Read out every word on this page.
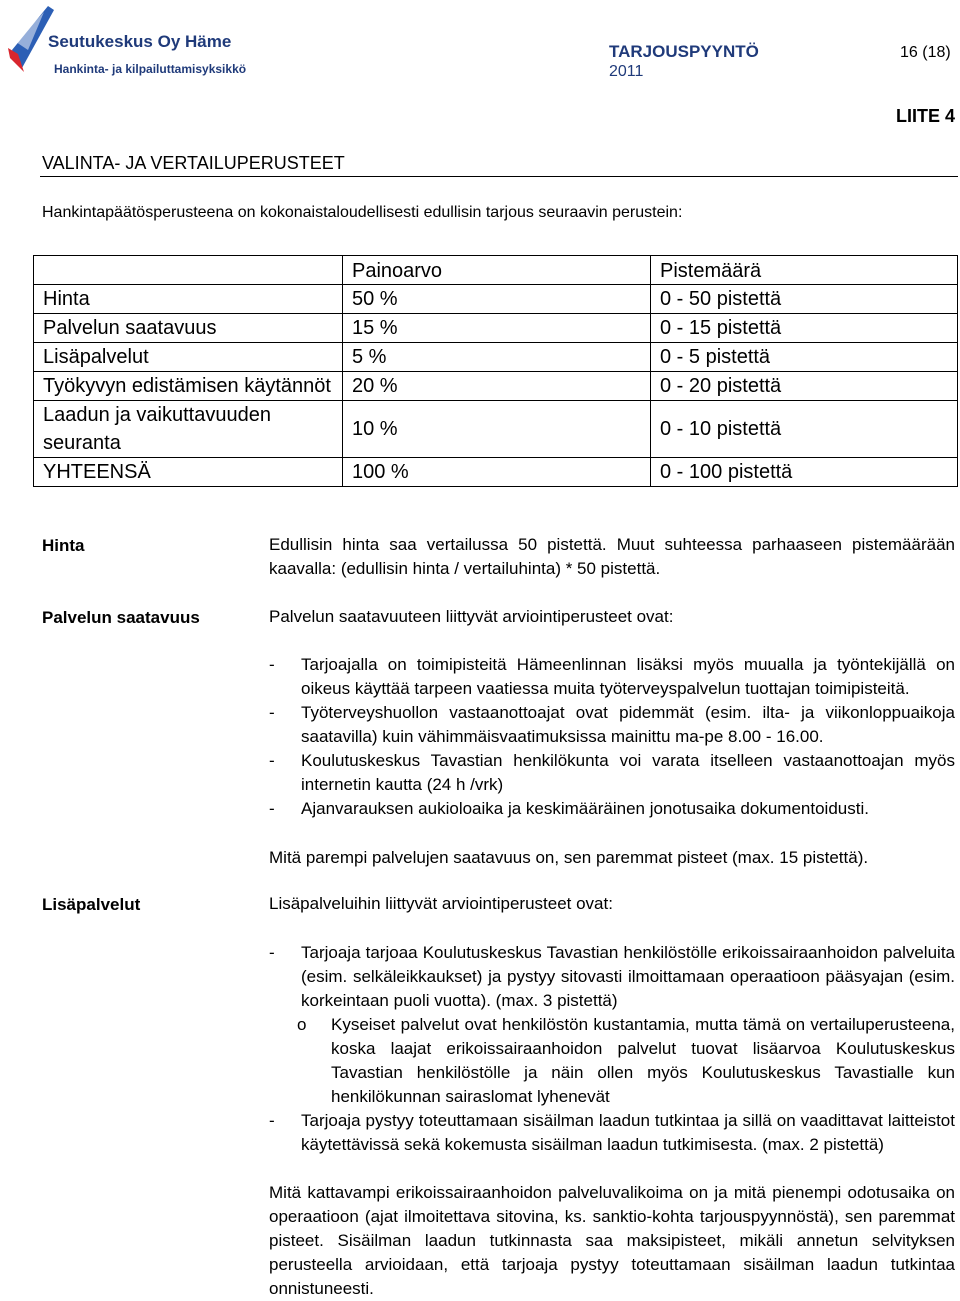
Seutukeskus Oy Häme
Hankinta- ja kilpailuttamisyksikkö
TARJOUSPYYNTÖ
2011
16 (18)
LIITE 4
VALINTA- JA VERTAILUPERUSTEET
Hankintapäätösperusteena on kokonaistaloudellisesti edullisin tarjous seuraavin perustein:
	Painoarvo	Pistemäärä
Hinta	50 %	0 - 50 pistettä
Palvelun saatavuus	15 %	0 - 15 pistettä
Lisäpalvelut	5 %	0 - 5 pistettä
Työkyvyn edistämisen käytännöt	20 %	0 - 20 pistettä
Laadun ja vaikuttavuuden seuranta	10 %	0 - 10 pistettä
YHTEENSÄ	100 %	0 - 100 pistettä
Hinta	Edullisin hinta saa vertailussa 50 pistettä. Muut suhteessa parhaaseen pistemäärään kaavalla: (edullisin hinta / vertailuhinta) * 50 pistettä.
Palvelun saatavuus	Palvelun saatavuuteen liittyvät arviointiperusteet ovat:
- Tarjoajalla on toimipisteitä Hämeenlinnan lisäksi myös muualla ja työntekijällä on oikeus käyttää tarpeen vaatiessa muita työterveyspalvelun tuottajan toimipisteitä.
- Työterveyshuollon vastaanottoajat ovat pidemmät (esim. ilta- ja viikonloppuaikoja saatavilla) kuin vähimmäisvaatimuksissa mainittu ma-pe 8.00 - 16.00.
- Koulutuskeskus Tavastian henkilökunta voi varata itselleen vastaanottoajan myös internetin kautta (24 h /vrk)
- Ajanvarauksen aukioloaika ja keskimääräinen jonotusaika dokumentoidusti.
Mitä parempi palvelujen saatavuus on, sen paremmat pisteet (max. 15 pistettä).
Lisäpalvelut	Lisäpalveluihin liittyvät arviointiperusteet ovat:
- Tarjoaja tarjoaa Koulutuskeskus Tavastian henkilöstölle erikoissairaanhoidon palveluita (esim. selkäleikkaukset) ja pystyy sitovasti ilmoittamaan operaatioon pääsyajan (esim. korkeintaan puoli vuotta). (max. 3 pistettä)
o Kyseiset palvelut ovat henkilöstön kustantamia, mutta tämä on vertailuperusteena, koska laajat erikoissairaanhoidon palvelut tuovat lisäarvoa Koulutuskeskus Tavastian henkilöstölle ja näin ollen myös Koulutuskeskus Tavastialle kun henkilökunnan sairaslomat lyhenevät
- Tarjoaja pystyy toteuttamaan sisäilman laadun tutkintaa ja sillä on vaadittavat laitteistot käytettävissä sekä kokemusta sisäilman laadun tutkimisesta. (max. 2 pistettä)
Mitä kattavampi erikoissairaanhoidon palveluvalikoima on ja mitä pienempi odotusaika on operaatioon (ajat ilmoitettava sitovina, ks. sanktio-kohta tarjouspyynnöstä), sen paremmat pisteet. Sisäilman laadun tutkinnasta saa maksipisteet, mikäli annetun selvityksen perusteella arvioidaan, että tarjoaja pystyy toteuttamaan sisäilman laadun tutkintaa onnistuneesti.
